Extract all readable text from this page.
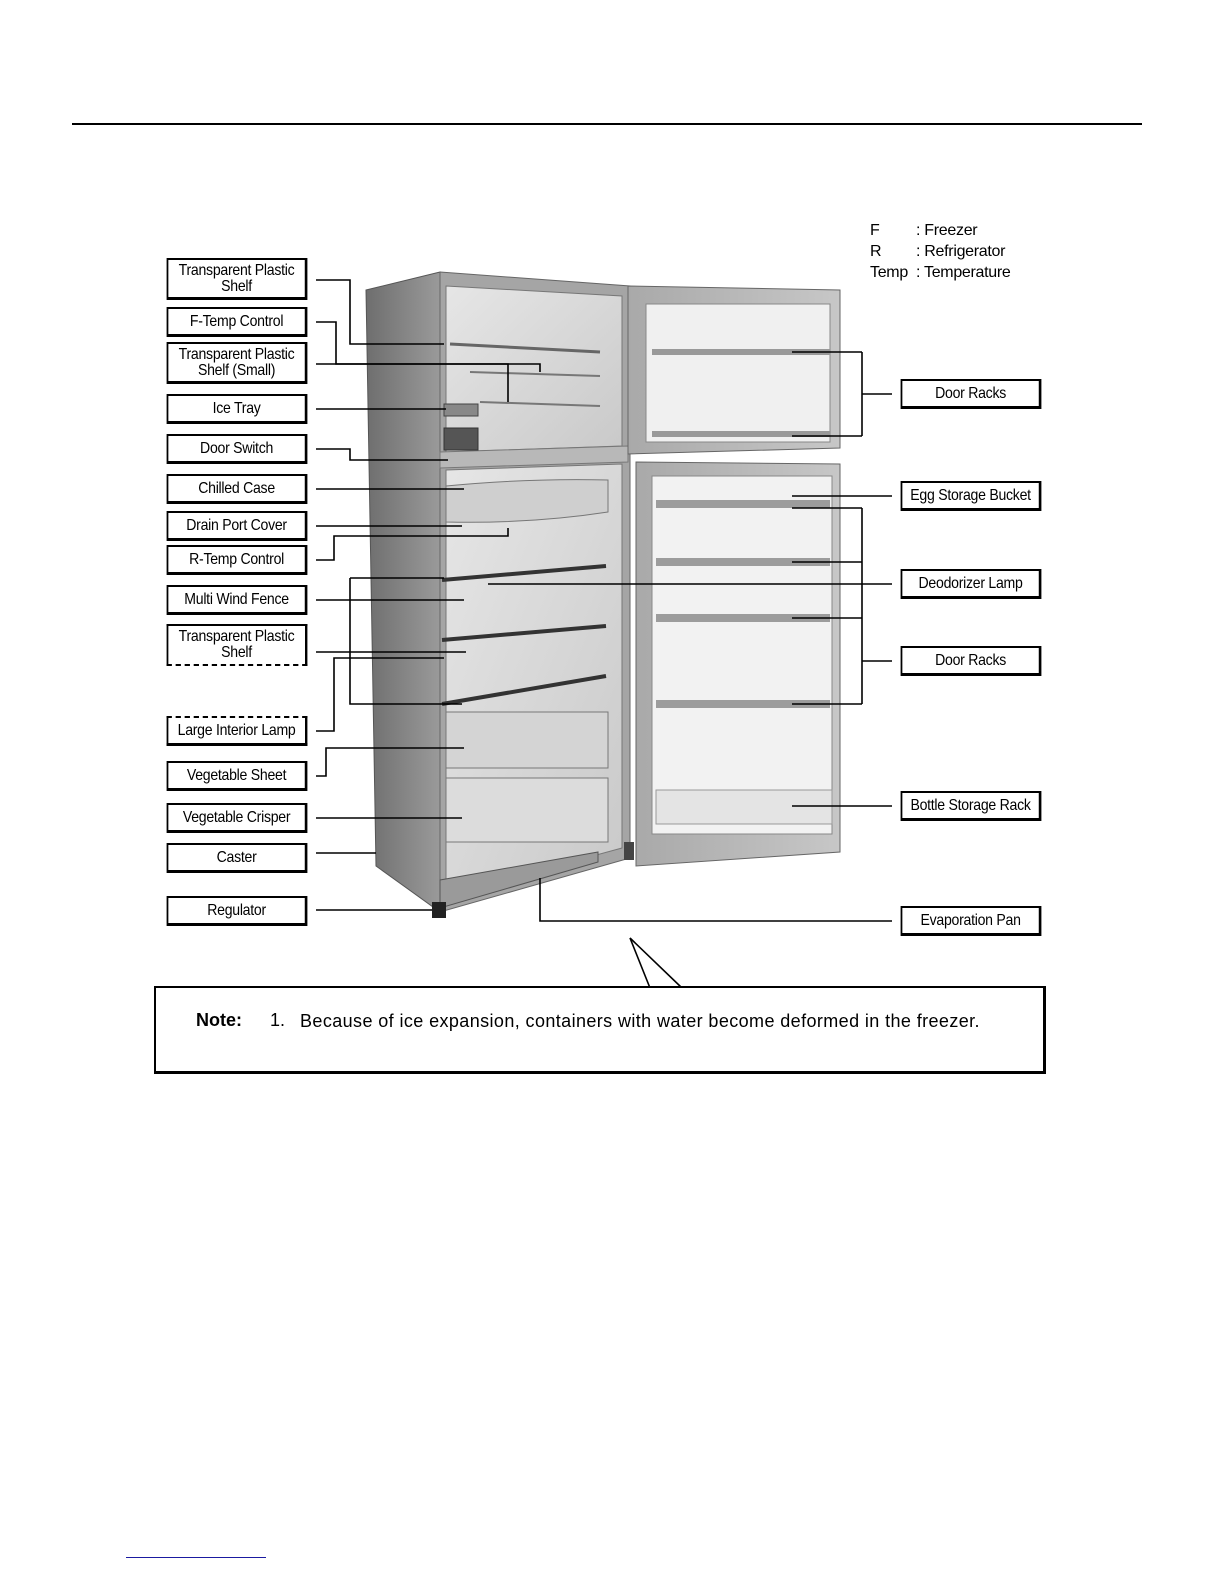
Transparent Plastic Shelf
F-Temp Control
Transparent Plastic Shelf (Small)
Ice Tray
Door Switch
Chilled Case
Drain Port Cover
R-Temp Control
Multi Wind Fence
Transparent Plastic Shelf
Large Interior Lamp
Vegetable Sheet
Vegetable Crisper
Caster
Regulator
Door Racks
Egg Storage Bucket
Deodorizer Lamp
Door Racks
Bottle Storage Rack
Evaporation Pan
F	: Freezer
R	: Refrigerator
Temp : Temperature
Note: 1. Because of ice expansion, containers with water become deformed in the freezer.
